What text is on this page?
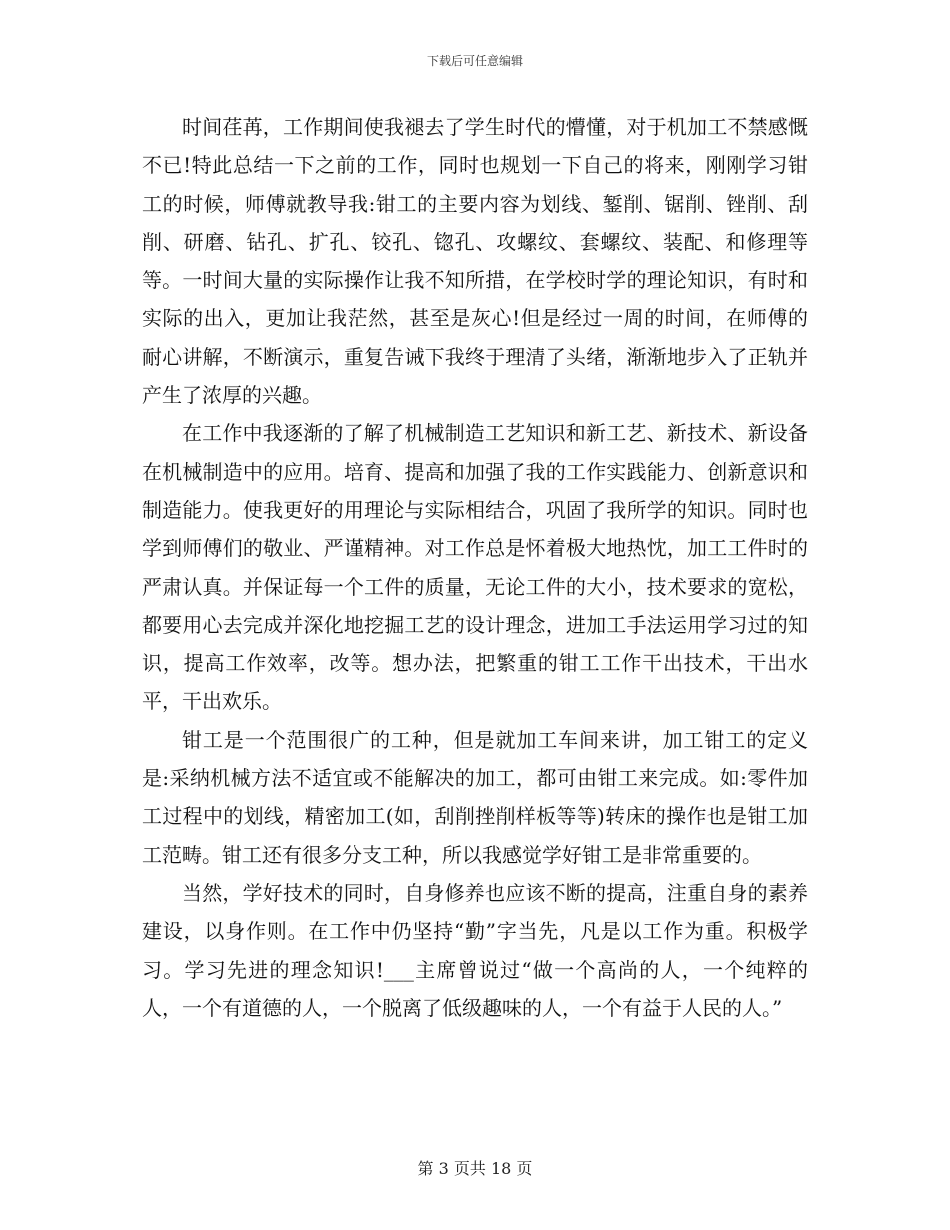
下载后可任意编辑

时间荏苒，工作期间使我褪去了学生时代的懵懂，对于机加工不禁感慨不已!特此总结一下之前的工作，同时也规划一下自己的将来，刚刚学习钳工的时候，师傅就教导我:钳工的主要内容为划线、錾削、锯削、锉削、刮削、研磨、钻孔、扩孔、铰孔、锪孔、攻螺纹、套螺纹、装配、和修理等等。一时间大量的实际操作让我不知所措，在学校时学的理论知识，有时和实际的出入，更加让我茫然，甚至是灰心!但是经过一周的时间，在师傅的耐心讲解，不断演示，重复告诫下我终于理清了头绪，渐渐地步入了正轨并产生了浓厚的兴趣。

在工作中我逐渐的了解了机械制造工艺知识和新工艺、新技术、新设备在机械制造中的应用。培育、提高和加强了我的工作实践能力、创新意识和制造能力。使我更好的用理论与实际相结合，巩固了我所学的知识。同时也学到师傅们的敬业、严谨精神。对工作总是怀着极大地热忱，加工工件时的严肃认真。并保证每一个工件的质量，无论工件的大小，技术要求的宽松，都要用心去完成并深化地挖掘工艺的设计理念，进加工手法运用学习过的知识，提高工作效率，改等。想办法，把繁重的钳工工作干出技术，干出水平，干出欢乐。

钳工是一个范围很广的工种，但是就加工车间来讲，加工钳工的定义是:采纳机械方法不适宜或不能解决的加工，都可由钳工来完成。如:零件加工过程中的划线，精密加工(如，刮削挫削样板等等)转床的操作也是钳工加工范畴。钳工还有很多分支工种，所以我感觉学好钳工是非常重要的。

当然，学好技术的同时，自身修养也应该不断的提高，注重自身的素养建设，以身作则。在工作中仍坚持“勤”字当先，凡是以工作为重。积极学习。学习先进的理念知识!___主席曾说过“做一个高尚的人，一个纯粹的人，一个有道德的人，一个脱离了低级趣味的人，一个有益于人民的人。”

第 3 页共 18 页
